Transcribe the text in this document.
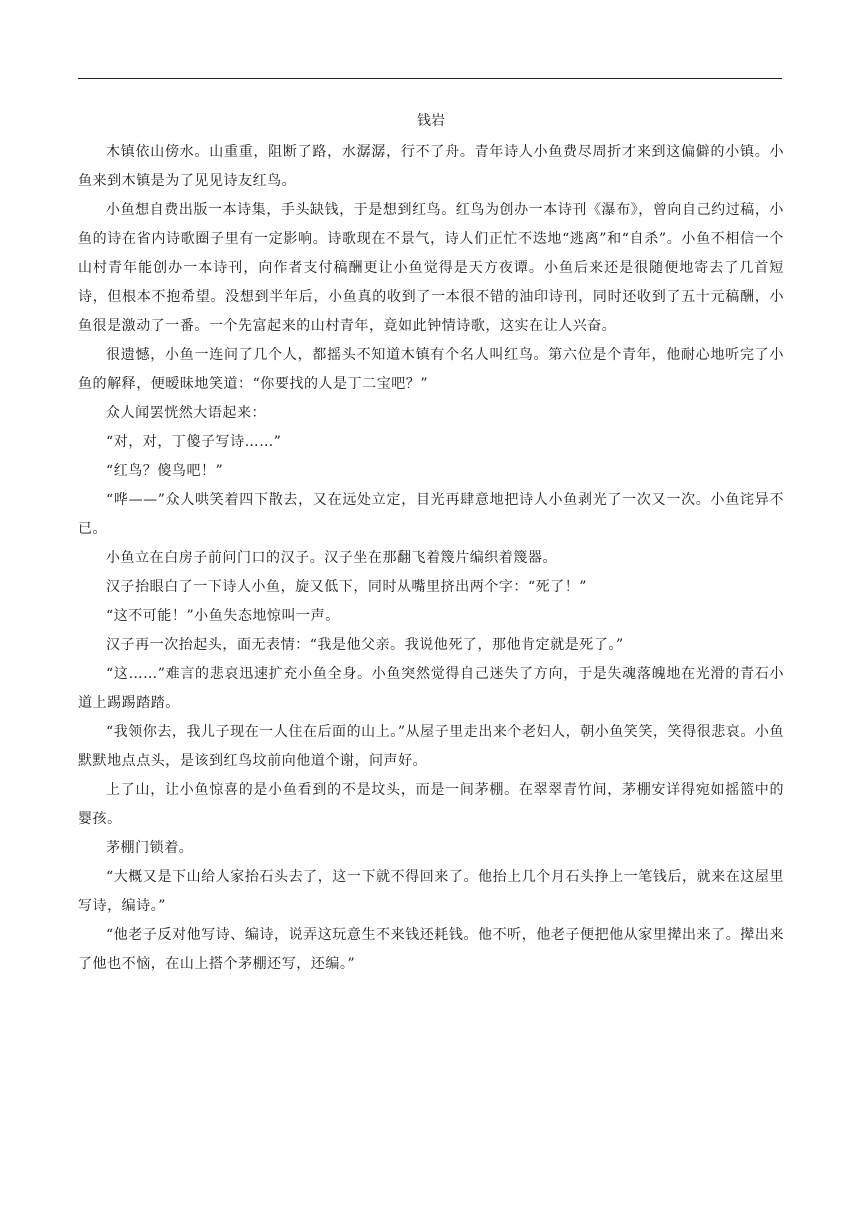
钱岩

木镇依山傍水。山重重，阻断了路，水潺潺，行不了舟。青年诗人小鱼费尽周折才来到这偏僻的小镇。小鱼来到木镇是为了见见诗友红鸟。

小鱼想自费出版一本诗集，手头缺钱，于是想到红鸟。红鸟为创办一本诗刊《瀑布》，曾向自己约过稿，小鱼的诗在省内诗歌圈子里有一定影响。诗歌现在不景气，诗人们正忙不迭地“逃离”和“自杀”。小鱼不相信一个山村青年能创办一本诗刊，向作者支付稿酬更让小鱼觉得是天方夜谭。小鱼后来还是很随便地寄去了几首短诗，但根本不抱希望。没想到半年后，小鱼真的收到了一本很不错的油印诗刊，同时还收到了五十元稿酬，小鱼很是激动了一番。一个先富起来的山村青年，竟如此钟情诗歌，这实在让人兴奋。

很遗憾，小鱼一连问了几个人，都摇头不知道木镇有个名人叫红鸟。第六位是个青年，他耐心地听完了小鱼的解释，便暧昧地笑道：“你要找的人是丁二宝吧？”

众人闻罢恍然大语起来：

“对，对，丁傻子写诗……”

“红鸟？傻鸟吧！”

“哗——”众人哄笑着四下散去，又在远处立定，目光再肆意地把诗人小鱼剥光了一次又一次。小鱼诧异不已。

小鱼立在白房子前问门口的汉子。汉子坐在那翻飞着篾片编织着篾器。

汉子抬眼白了一下诗人小鱼，旋又低下，同时从嘴里挤出两个字：“死了！”

“这不可能！”小鱼失态地惊叫一声。

汉子再一次抬起头，面无表情：“我是他父亲。我说他死了，那他肯定就是死了。”

“这……”难言的悲哀迅速扩充小鱼全身。小鱼突然觉得自己迷失了方向，于是失魂落魄地在光滑的青石小道上踢踢踏踏。

“我领你去，我儿子现在一人住在后面的山上。”从屋子里走出来个老妇人，朝小鱼笑笑，笑得很悲哀。小鱼默默地点点头，是该到红鸟坟前向他道个谢，问声好。

上了山，让小鱼惊喜的是小鱼看到的不是坟头，而是一间茅棚。在翠翠青竹间，茅棚安详得宛如摇篮中的婴孩。

茅棚门锁着。

“大概又是下山给人家抬石头去了，这一下就不得回来了。他抬上几个月石头挣上一笔钱后，就来在这屋里写诗，编诗。”

“他老子反对他写诗、编诗，说弄这玩意生不来钱还耗钱。他不听，他老子便把他从家里撵出来了。撵出来了他也不恼，在山上搭个茅棚还写，还编。”
